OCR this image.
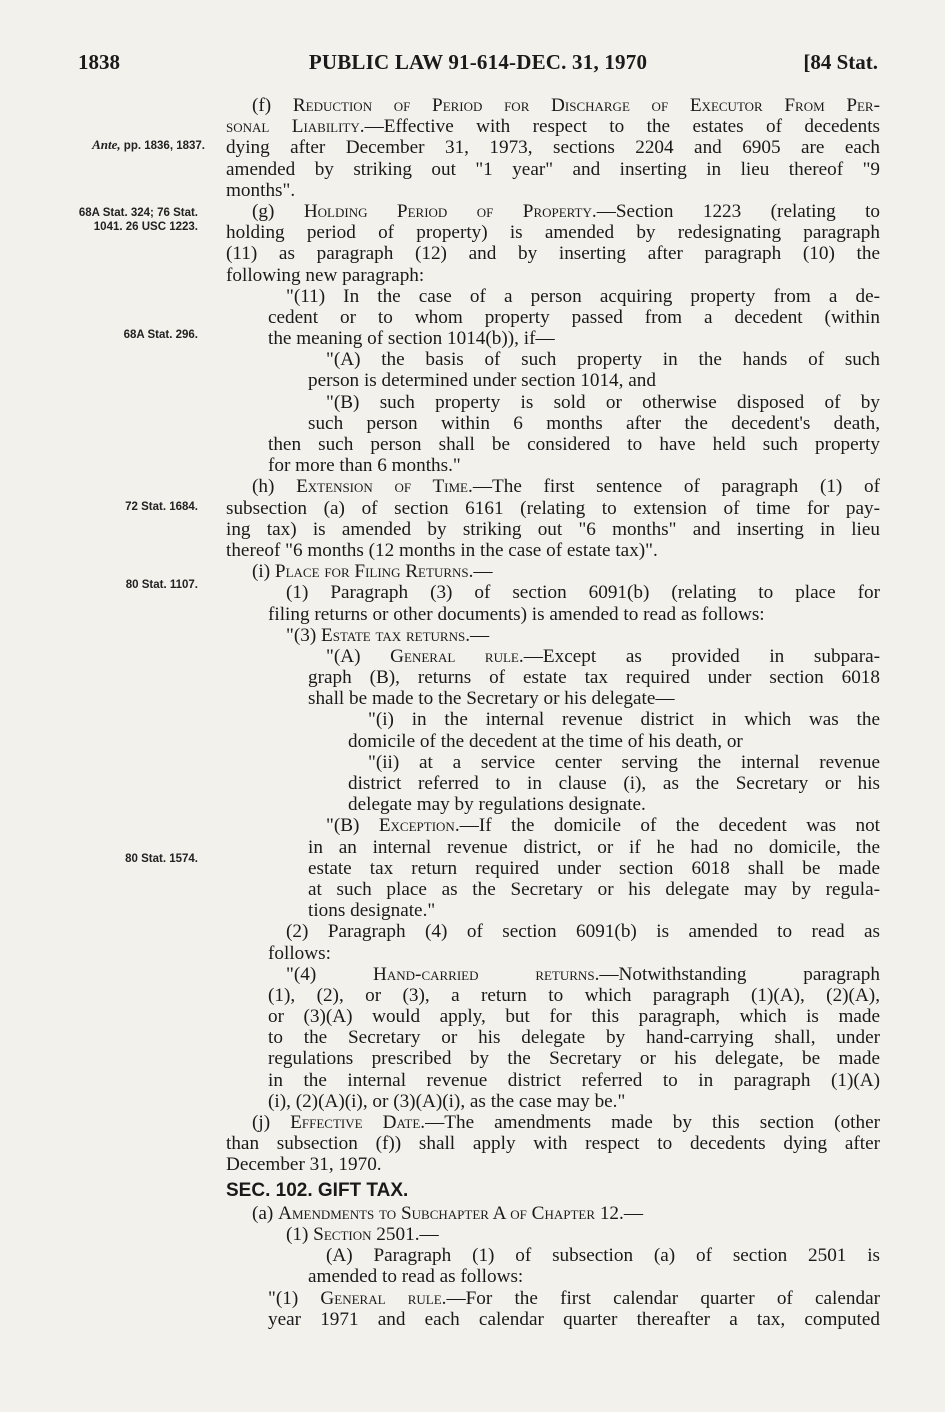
1838	PUBLIC LAW 91-614-DEC. 31, 1970	[84 Stat.
Ante, pp. 1836, 1837.
68A Stat. 324; 76 Stat. 1041. 26 USC 1223.
68A Stat. 296.
72 Stat. 1684.
80 Stat. 1107.
80 Stat. 1574.
(f) Reduction of Period for Discharge of Executor From Per-
sonal Liability.—Effective with respect to the estates of decedents
dying after December 31, 1973, sections 2204 and 6905 are each
amended by striking out "1 year" and inserting in lieu thereof "9
months".
(g) Holding Period of Property.—Section 1223 (relating to
holding period of property) is amended by redesignating paragraph
(11) as paragraph (12) and by inserting after paragraph (10) the
following new paragraph:
"(11) In the case of a person acquiring property from a de-
cedent or to whom property passed from a decedent (within
the meaning of section 1014(b)), if—
"(A) the basis of such property in the hands of such
person is determined under section 1014, and
"(B) such property is sold or otherwise disposed of by
such person within 6 months after the decedent's death,
then such person shall be considered to have held such property
for more than 6 months."
(h) Extension of Time.—The first sentence of paragraph (1) of
subsection (a) of section 6161 (relating to extension of time for pay-
ing tax) is amended by striking out "6 months" and inserting in lieu
thereof "6 months (12 months in the case of estate tax)".
(i) Place for Filing Returns.—
(1) Paragraph (3) of section 6091(b) (relating to place for
filing returns or other documents) is amended to read as follows:
"(3) Estate tax returns.—
"(A) General rule.—Except as provided in subpara-
graph (B), returns of estate tax required under section 6018
shall be made to the Secretary or his delegate—
"(i) in the internal revenue district in which was the
domicile of the decedent at the time of his death, or
"(ii) at a service center serving the internal revenue
district referred to in clause (i), as the Secretary or his
delegate may by regulations designate.
"(B) Exception.—If the domicile of the decedent was not
in an internal revenue district, or if he had no domicile, the
estate tax return required under section 6018 shall be made
at such place as the Secretary or his delegate may by regula-
tions designate."
(2) Paragraph (4) of section 6091(b) is amended to read as
follows:
"(4) Hand-carried returns.—Notwithstanding paragraph
(1), (2), or (3), a return to which paragraph (1)(A), (2)(A),
or (3)(A) would apply, but for this paragraph, which is made
to the Secretary or his delegate by hand-carrying shall, under
regulations prescribed by the Secretary or his delegate, be made
in the internal revenue district referred to in paragraph (1)(A)
(i), (2)(A)(i), or (3)(A)(i), as the case may be."
(j) Effective Date.—The amendments made by this section (other
than subsection (f)) shall apply with respect to decedents dying after
December 31, 1970.
SEC. 102. GIFT TAX.
(a) Amendments to Subchapter A of Chapter 12.—
(1) Section 2501.—
(A) Paragraph (1) of subsection (a) of section 2501 is
amended to read as follows:
"(1) General rule.—For the first calendar quarter of calendar
year 1971 and each calendar quarter thereafter a tax, computed
